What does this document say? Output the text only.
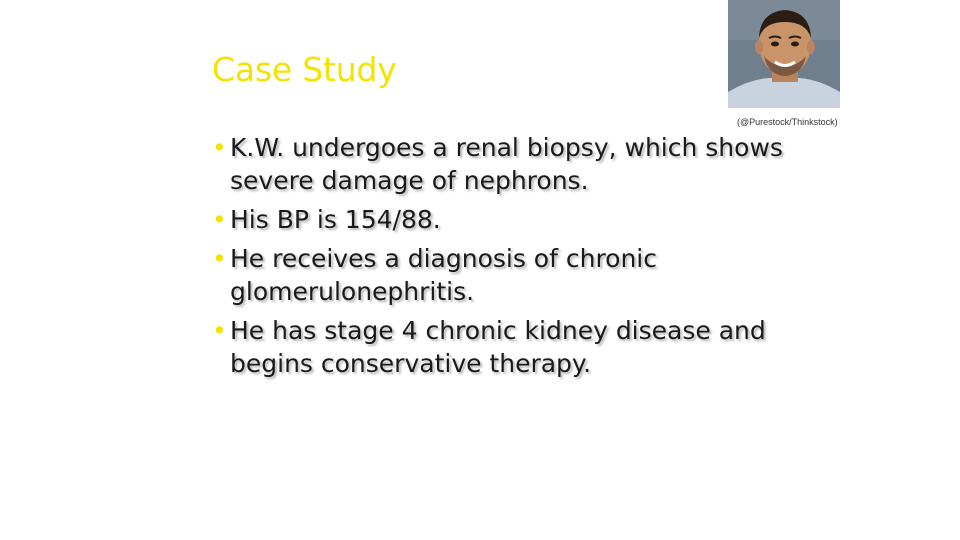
Case Study
(@Purestock/Thinkstock)
• K.W. undergoes a renal biopsy, which shows severe damage of nephrons.
• His BP is 154/88.
• He receives a diagnosis of chronic glomerulonephritis.
• He has stage 4 chronic kidney disease and begins conservative therapy.
